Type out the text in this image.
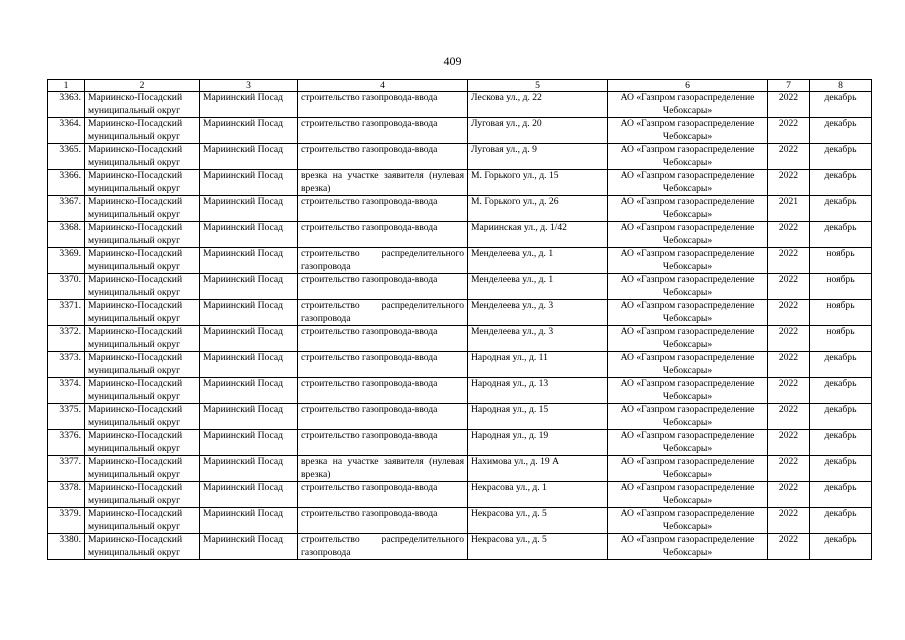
409
1	2	3	4	5	6	7	8
3363.	Мариинско-Посадский муниципальный округ	Мариинский Посад	строительство газопровода-ввода	Лескова ул., д. 22	АО «Газпром газораспределение Чебоксары»	2022	декабрь
3364.	Мариинско-Посадский муниципальный округ	Мариинский Посад	строительство газопровода-ввода	Луговая ул., д. 20	АО «Газпром газораспределение Чебоксары»	2022	декабрь
3365.	Мариинско-Посадский муниципальный округ	Мариинский Посад	строительство газопровода-ввода	Луговая ул., д. 9	АО «Газпром газораспределение Чебоксары»	2022	декабрь
3366.	Мариинско-Посадский муниципальный округ	Мариинский Посад	врезка на участке заявителя (нулевая врезка)	М. Горького ул., д. 15	АО «Газпром газораспределение Чебоксары»	2022	декабрь
3367.	Мариинско-Посадский муниципальный округ	Мариинский Посад	строительство газопровода-ввода	М. Горького ул., д. 26	АО «Газпром газораспределение Чебоксары»	2021	декабрь
3368.	Мариинско-Посадский муниципальный округ	Мариинский Посад	строительство газопровода-ввода	Мариинская ул., д. 1/42	АО «Газпром газораспределение Чебоксары»	2022	декабрь
3369.	Мариинско-Посадский муниципальный округ	Мариинский Посад	строительство распределительного газопровода	Менделеева ул., д. 1	АО «Газпром газораспределение Чебоксары»	2022	ноябрь
3370.	Мариинско-Посадский муниципальный округ	Мариинский Посад	строительство газопровода-ввода	Менделеева ул., д. 1	АО «Газпром газораспределение Чебоксары»	2022	ноябрь
3371.	Мариинско-Посадский муниципальный округ	Мариинский Посад	строительство распределительного газопровода	Менделеева ул., д. 3	АО «Газпром газораспределение Чебоксары»	2022	ноябрь
3372.	Мариинско-Посадский муниципальный округ	Мариинский Посад	строительство газопровода-ввода	Менделеева ул., д. 3	АО «Газпром газораспределение Чебоксары»	2022	ноябрь
3373.	Мариинско-Посадский муниципальный округ	Мариинский Посад	строительство газопровода-ввода	Народная ул., д. 11	АО «Газпром газораспределение Чебоксары»	2022	декабрь
3374.	Мариинско-Посадский муниципальный округ	Мариинский Посад	строительство газопровода-ввода	Народная ул., д. 13	АО «Газпром газораспределение Чебоксары»	2022	декабрь
3375.	Мариинско-Посадский муниципальный округ	Мариинский Посад	строительство газопровода-ввода	Народная ул., д. 15	АО «Газпром газораспределение Чебоксары»	2022	декабрь
3376.	Мариинско-Посадский муниципальный округ	Мариинский Посад	строительство газопровода-ввода	Народная ул., д. 19	АО «Газпром газораспределение Чебоксары»	2022	декабрь
3377.	Мариинско-Посадский муниципальный округ	Мариинский Посад	врезка на участке заявителя (нулевая врезка)	Нахимова ул., д. 19 А	АО «Газпром газораспределение Чебоксары»	2022	декабрь
3378.	Мариинско-Посадский муниципальный округ	Мариинский Посад	строительство газопровода-ввода	Некрасова ул., д. 1	АО «Газпром газораспределение Чебоксары»	2022	декабрь
3379.	Мариинско-Посадский муниципальный округ	Мариинский Посад	строительство газопровода-ввода	Некрасова ул., д. 5	АО «Газпром газораспределение Чебоксары»	2022	декабрь
3380.	Мариинско-Посадский муниципальный округ	Мариинский Посад	строительство распределительного газопровода	Некрасова ул., д. 5	АО «Газпром газораспределение Чебоксары»	2022	декабрь
